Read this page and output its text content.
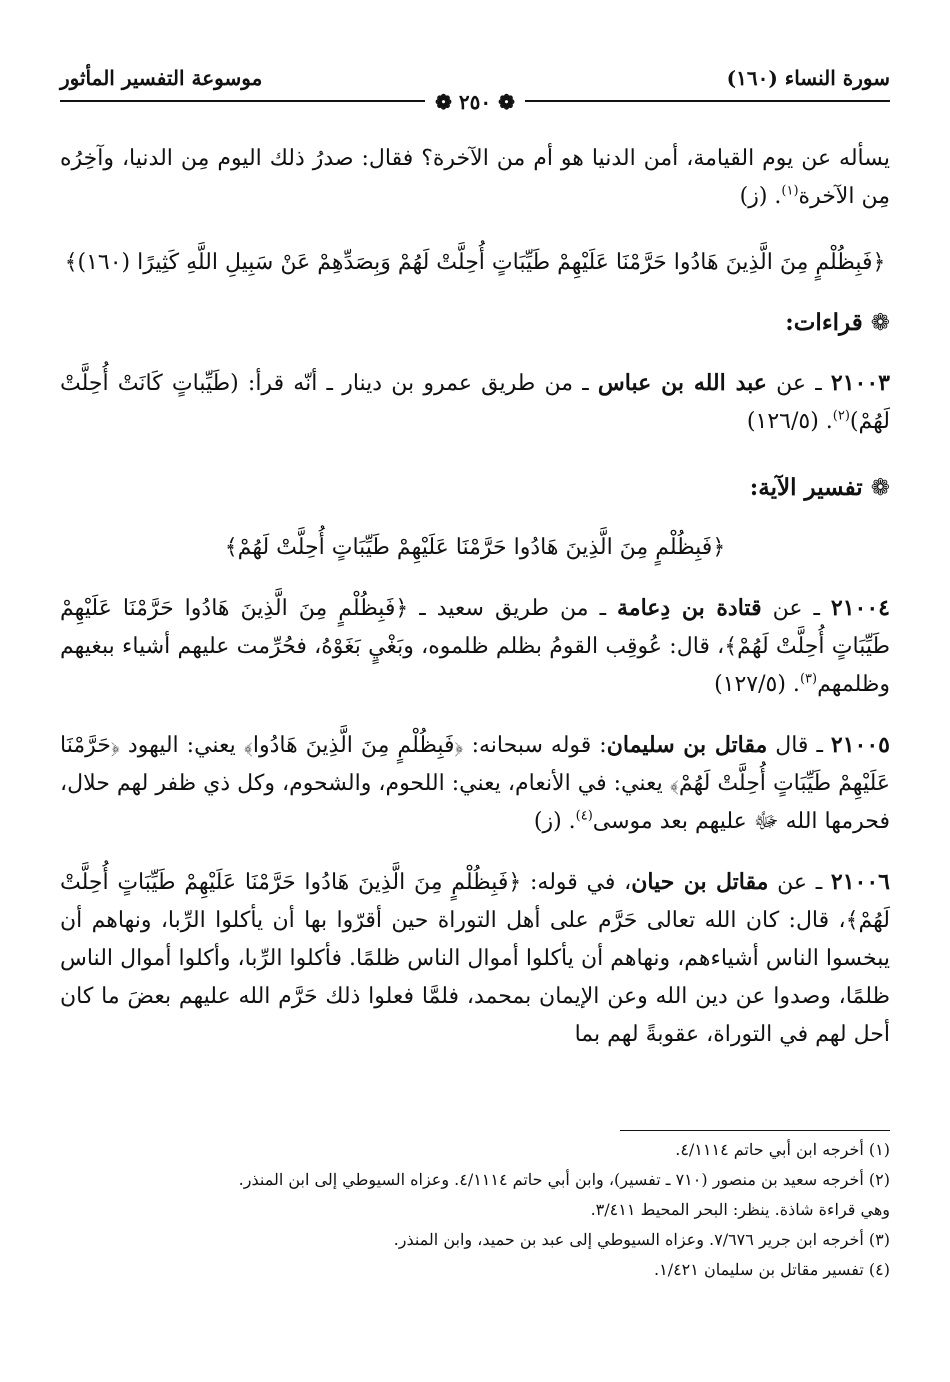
سورة النساء (١٦٠)
موسوعة التفسير المأثور
❁ ٢٥٠ ❁

يسأله عن يوم القيامة، أمن الدنيا هو أم من الآخرة؟ فقال: صدرُ ذلك اليوم مِن الدنيا، وآخِرُه مِن الآخرة$^{(١)}$. (ز)

﴿فَبِظُلْمٍ مِنَ الَّذِينَ هَادُوا حَرَّمْنَا عَلَيْهِمْ طَيِّبَاتٍ أُحِلَّتْ لَهُمْ وَبِصَدِّهِمْ عَنْ سَبِيلِ اللَّهِ كَثِيرًا (١٦٠)﴾

❁قراءات:

٢١٠٠٣ ـ عن عبد الله بن عباس ـ من طريق عمرو بن دينار ـ أنّه قرأ: (طَيِّباتٍ كَانَتْ أُحِلَّتْ لَهُمْ)$^{(٢)}$. (١٢٦/٥)

❁تفسير الآية:

﴿فَبِظُلْمٍ مِنَ الَّذِينَ هَادُوا حَرَّمْنَا عَلَيْهِمْ طَيِّبَاتٍ أُحِلَّتْ لَهُمْ﴾

٢١٠٠٤ ـ عن قتادة بن دِعامة ـ من طريق سعيد ـ ﴿فَبِظُلْمٍ مِنَ الَّذِينَ هَادُوا حَرَّمْنَا عَلَيْهِمْ طَيِّبَاتٍ أُحِلَّتْ لَهُمْ﴾، قال: عُوقِب القومُ بظلم ظلموه، وبَغْيٍ بَغَوْهُ، فحُرِّمت عليهم أشياء ببغيهم وظلمهم$^{(٣)}$. (١٢٧/٥)

٢١٠٠٥ ـ قال مقاتل بن سليمان: قوله سبحانه: ﴿فَبِظُلْمٍ مِنَ الَّذِينَ هَادُوا﴾ يعني: اليهود ﴿حَرَّمْنَا عَلَيْهِمْ طَيِّبَاتٍ أُحِلَّتْ لَهُمْ﴾ يعني: في الأنعام، يعني: اللحوم، والشحوم، وكل ذي ظفر لهم حلال، فحرمها الله ﷻ عليهم بعد موسى$^{(٤)}$. (ز)

٢١٠٠٦ ـ عن مقاتل بن حيان، في قوله: ﴿فَبِظُلْمٍ مِنَ الَّذِينَ هَادُوا حَرَّمْنَا عَلَيْهِمْ طَيِّبَاتٍ أُحِلَّتْ لَهُمْ﴾، قال: كان الله تعالى حَرَّم على أهل التوراة حين أقرّوا بها أن يأكلوا الرِّبا، ونهاهم أن يبخسوا الناس أشياءهم، ونهاهم أن يأكلوا أموال الناس ظلمًا. فأكلوا الرِّبا، وأكلوا أموال الناس ظلمًا، وصدوا عن دين الله وعن الإيمان بمحمد، فلمَّا فعلوا ذلك حَرَّم الله عليهم بعضَ ما كان أحل لهم في التوراة، عقوبةً لهم بما

(١) أخرجه ابن أبي حاتم ٤/١١١٤.

(٢) أخرجه سعيد بن منصور (٧١٠ ـ تفسير)، وابن أبي حاتم ٤/١١١٤. وعزاه السيوطي إلى ابن المنذر.

وهي قراءة شاذة. ينظر: البحر المحيط ٣/٤١١.

(٣) أخرجه ابن جرير ٧/٦٧٦. وعزاه السيوطي إلى عبد بن حميد، وابن المنذر.

(٤) تفسير مقاتل بن سليمان ١/٤٢١.
